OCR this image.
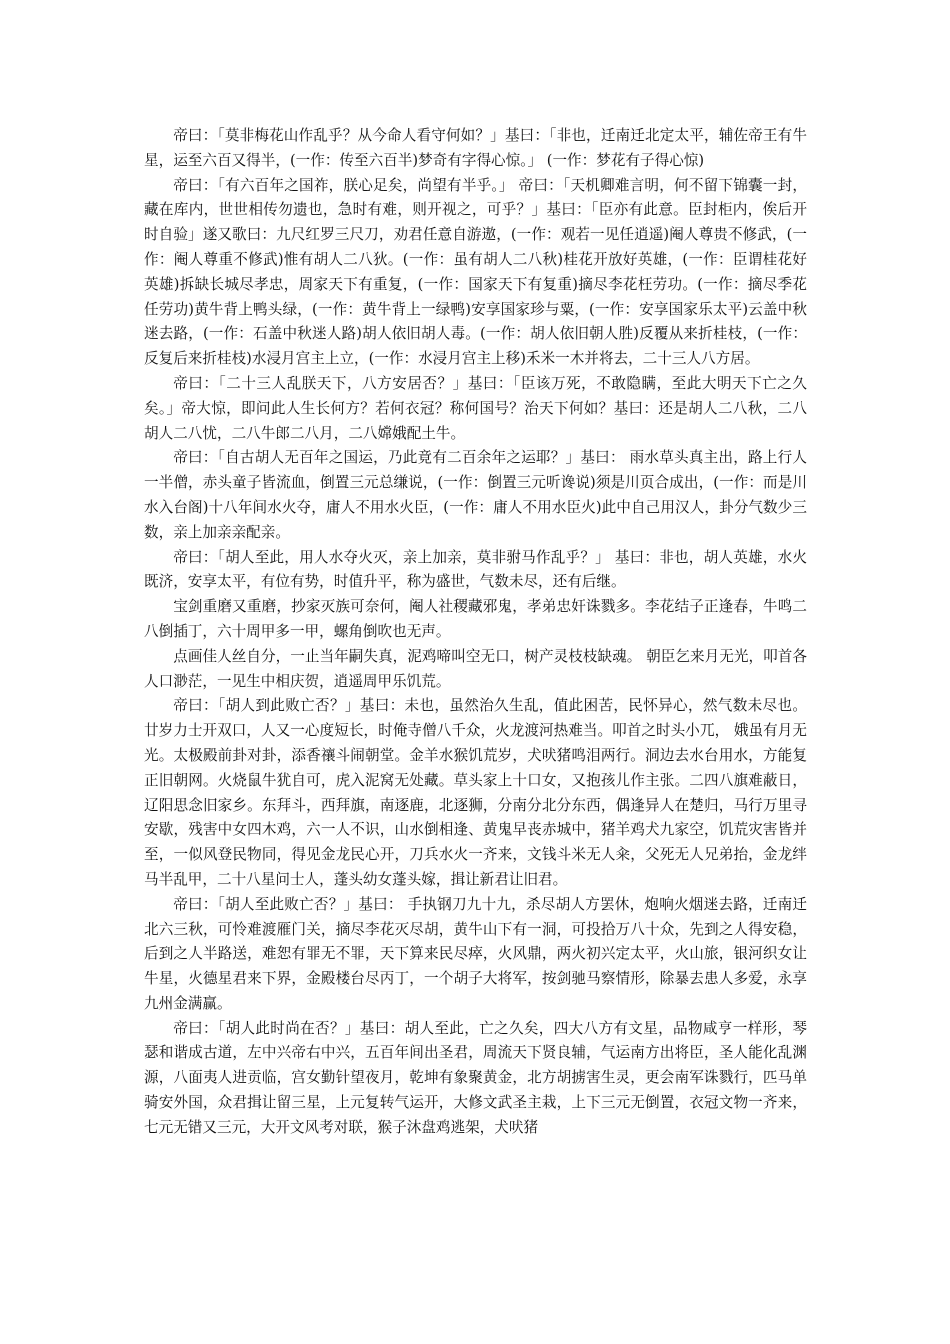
帝曰：「莫非梅花山作乱乎？从今命人看守何如？」基曰：「非也，迁南迁北定太平，辅佐帝王有牛星，运至六百又得半，(一作：传至六百半)梦奇有字得心惊。」 (一作：梦花有子得心惊)

帝曰：「有六百年之国祚，朕心足矣，尚望有半乎。」 帝曰：「天机卿难言明，何不留下锦囊一封，藏在库内，世世相传勿遗也，急时有难，则开视之，可乎？」基曰：「臣亦有此意。臣封柜内，俟后开时自验」遂又歌曰：九尺红罗三尺刀，劝君任意自游遨，(一作：观若一见任逍遥)阉人尊贵不修武，(一作：阉人尊重不修武)惟有胡人二八狄。(一作：虽有胡人二八秋)桂花开放好英雄，(一作：臣谓桂花好英雄)拆缺长城尽孝忠，周家天下有重复，(一作：国家天下有复重)摘尽李花枉劳功。(一作：摘尽季花任劳功)黄牛背上鸭头绿，(一作：黄牛背上一绿鸭)安享国家珍与粟，(一作：安享国家乐太平)云盖中秋迷去路，(一作：石盖中秋迷人路)胡人依旧胡人毒。(一作：胡人依旧朝人胜)反覆从来折桂枝，(一作：反复后来折桂枝)水浸月宫主上立，(一作：水浸月宫主上移)禾米一木并将去，二十三人八方居。

帝曰：「二十三人乱朕天下，八方安居否？」基曰：「臣该万死，不敢隐瞒，至此大明天下亡之久矣。」帝大惊，即问此人生长何方？若何衣冠？称何国号？治天下何如？基曰：还是胡人二八秋，二八胡人二八忧，二八牛郎二八月，二八嫦娥配土牛。

帝曰：「自古胡人无百年之国运，乃此竟有二百余年之运耶？」基曰： 雨水草头真主出，路上行人一半僧，赤头童子皆流血，倒置三元总缣说，(一作：倒置三元听谗说)须是川页合成出，(一作：而是川水入台阁)十八年间水火夺，庸人不用水火臣，(一作：庸人不用水臣火)此中自己用汉人，卦分气数少三数，亲上加亲亲配亲。

帝曰：「胡人至此，用人水夺火灭，亲上加亲，莫非驸马作乱乎？」 基曰：非也，胡人英雄，水火既济，安享太平，有位有势，时值升平，称为盛世，气数未尽，还有后继。

宝剑重磨又重磨，抄家灭族可奈何，阉人社稷藏邪鬼，孝弟忠奸诛戮多。李花结子正逢春，牛鸣二八倒插丁，六十周甲多一甲，螺角倒吹也无声。

点画佳人丝自分，一止当年嗣失真，泥鸡啼叫空无口，树产灵枝枝缺魂。 朝臣乞来月无光，叩首各人口渺茫，一见生中相庆贺，逍遥周甲乐饥荒。

帝曰：「胡人到此败亡否？」基曰：未也，虽然治久生乱，值此困苦，民怀异心，然气数未尽也。廿岁力士开双口，人又一心度短长，时俺寺僧八千众，火龙渡河热难当。叩首之时头小兀， 娥虽有月无光。太极殿前卦对卦，添香禳斗闹朝堂。金羊水猴饥荒岁，犬吠猪鸣泪两行。洞边去水台用水，方能复正旧朝网。火烧鼠牛犹自可，虎入泥窝无处藏。草头家上十口女，又抱孩儿作主张。二四八旗难蔽日，辽阳思念旧家乡。东拜斗，西拜旗，南逐鹿，北逐狮，分南分北分东西，偶逢异人在楚归，马行万里寻安歇，残害中女四木鸡，六一人不识，山水倒相逢、黄鬼早丧赤城中，猪羊鸡犬九家空，饥荒灾害皆并至，一似风登民物同，得见金龙民心开，刀兵水火一齐来，文钱斗米无人籴，父死无人兄弟抬，金龙绊马半乱甲，二十八星问士人，蓬头幼女蓬头嫁，揖让新君让旧君。

帝曰：「胡人至此败亡否？」基曰： 手执钢刀九十九，杀尽胡人方罢休，炮响火烟迷去路，迁南迁北六三秋，可怜难渡雁门关，摘尽李花灭尽胡，黄牛山下有一洞，可投拾万八十众，先到之人得安稳，后到之人半路送，难恕有罪无不罪，天下算来民尽瘁，火风鼎，两火初兴定太平，火山旅，银河织女让牛星，火德星君来下界，金殿楼台尽丙丁，一个胡子大将军，按剑驰马察情形，除暴去患人多爱，永享九州金满赢。

帝曰：「胡人此时尚在否？」基曰：胡人至此，亡之久矣，四大八方有文星，品物咸亨一样形，琴瑟和谐成古道，左中兴帝右中兴，五百年间出圣君，周流天下贤良辅，气运南方出将臣，圣人能化乱渊源，八面夷人进贡临，宫女勤针望夜月，乾坤有象聚黄金，北方胡掳害生灵，更会南军诛戮行，匹马单骑安外国，众君揖让留三星，上元复转气运开，大修文武圣主栽，上下三元无倒置，衣冠文物一齐来，七元无错又三元，大开文风考对联，猴子沐盘鸡逃架，犬吠猪
